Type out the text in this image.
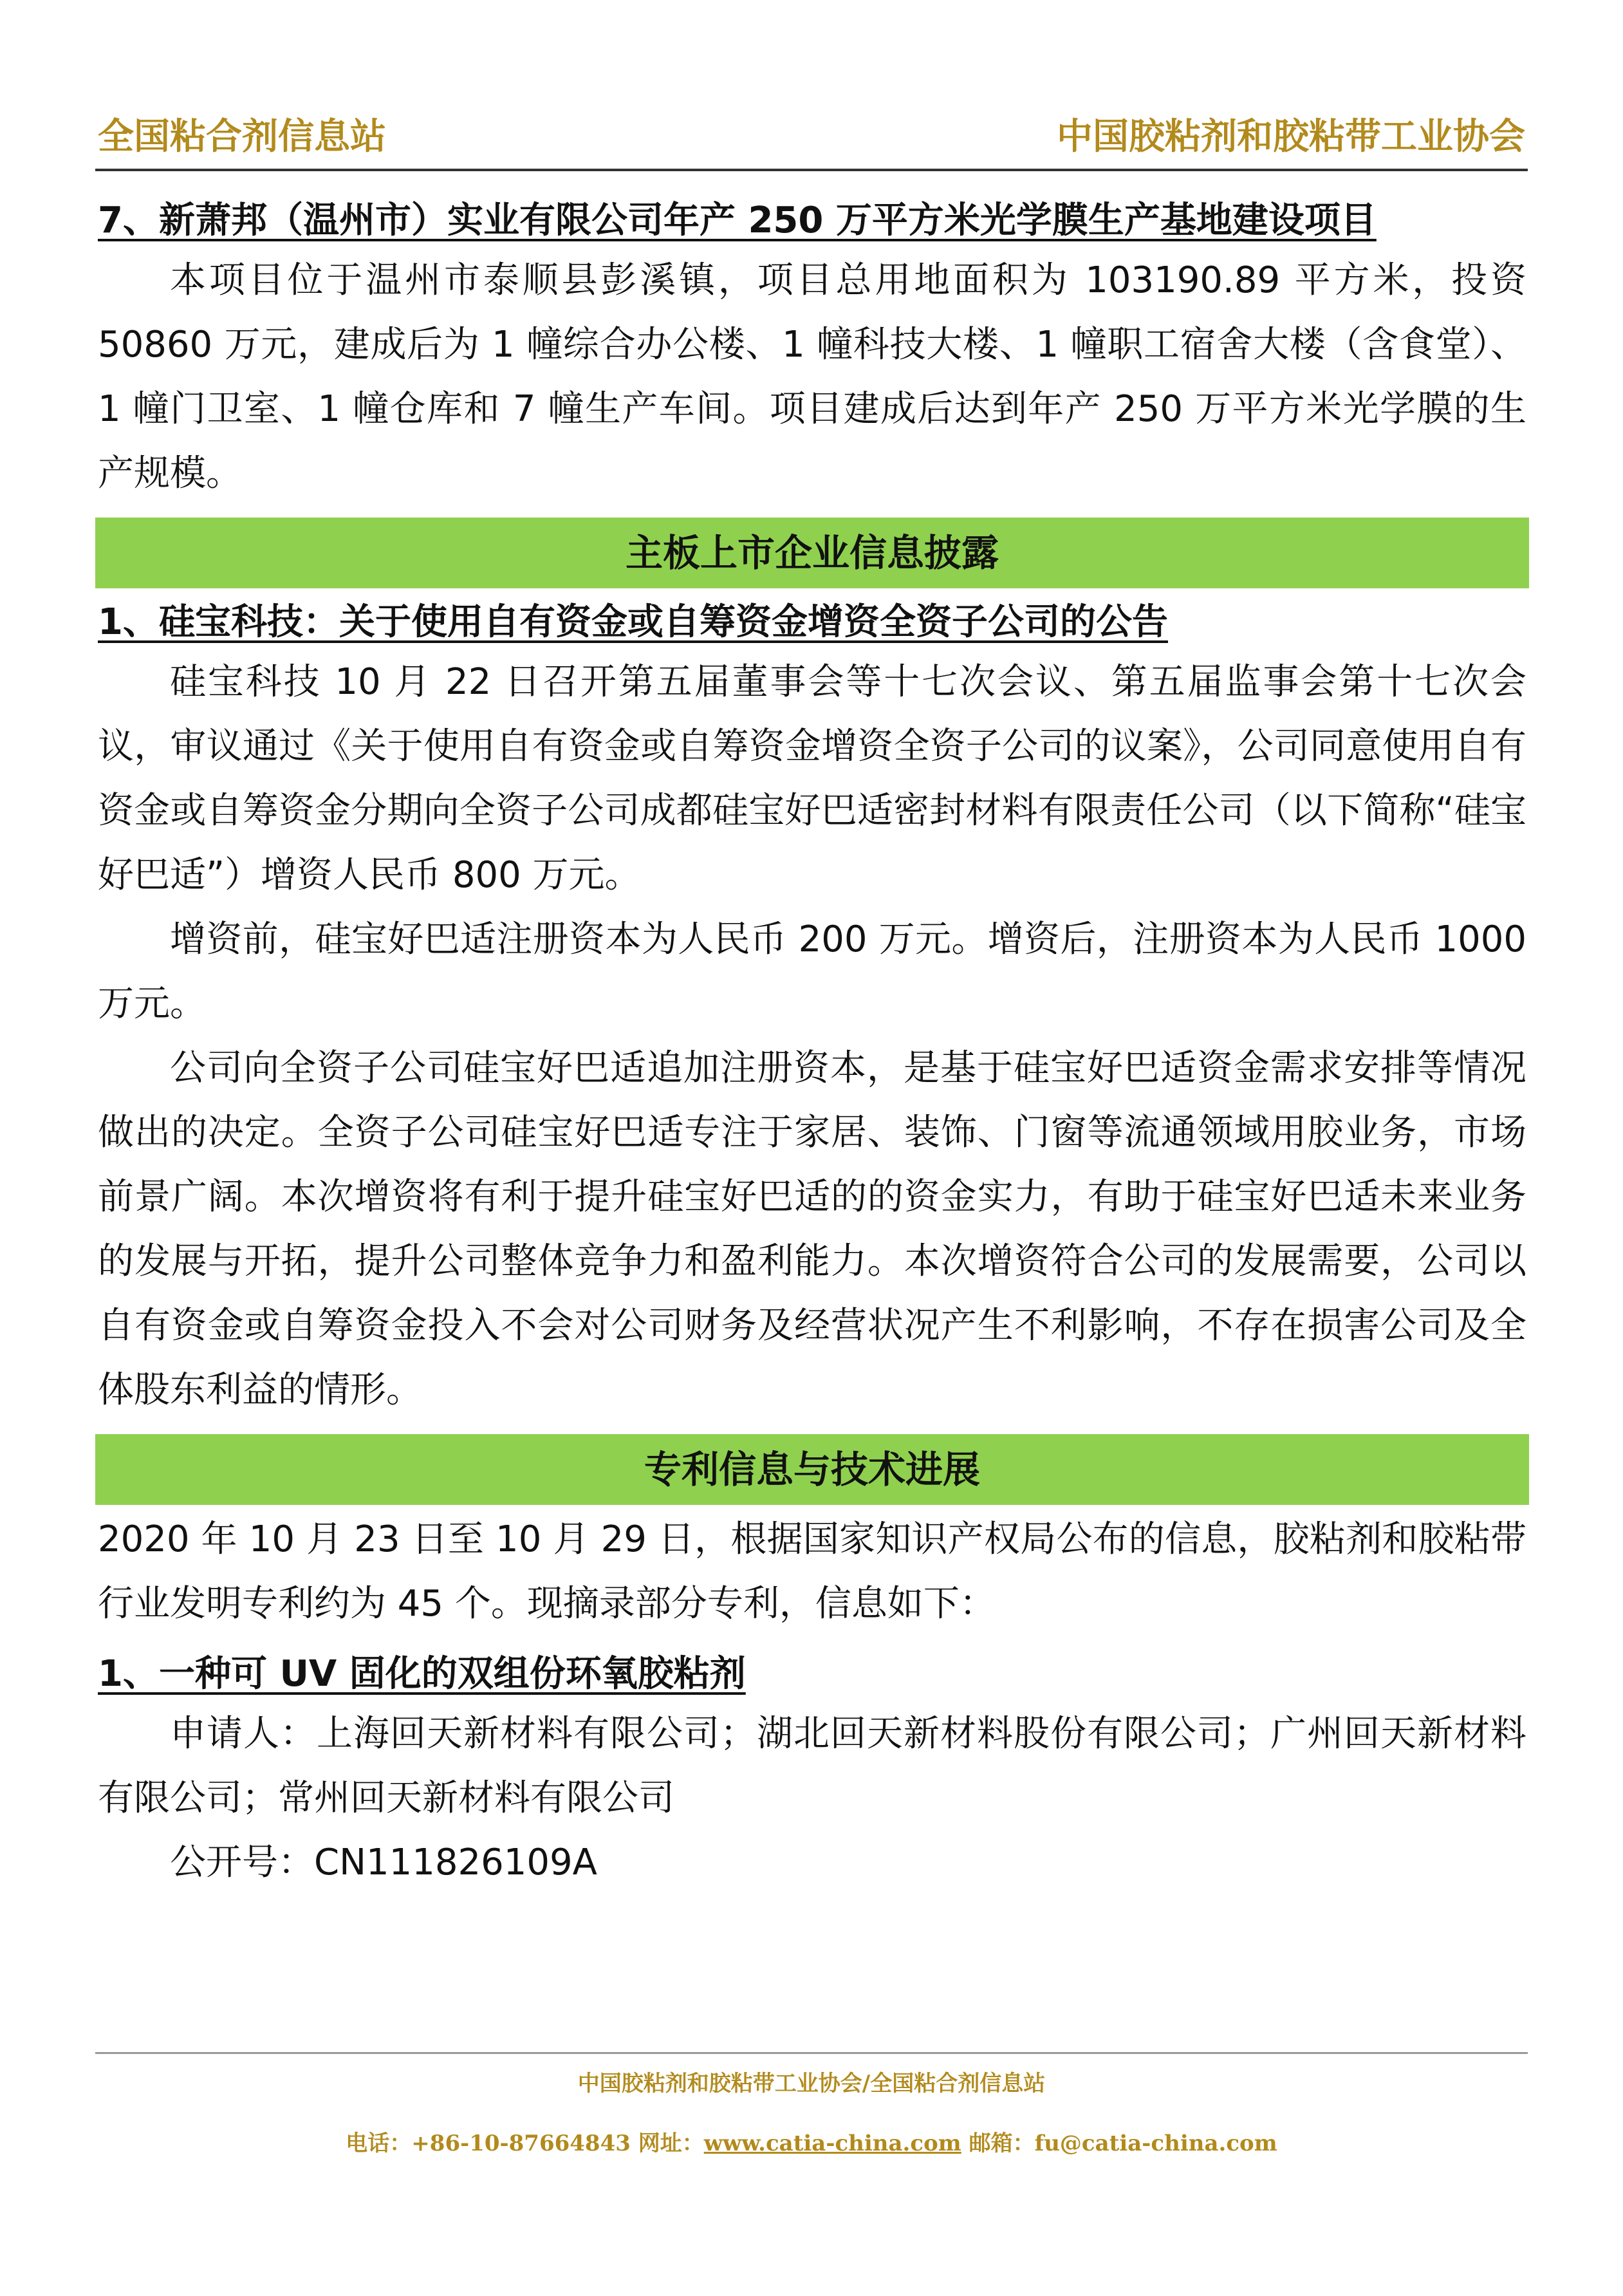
全国粘合剂信息站	中国胶粘剂和胶粘带工业协会

7、新萧邦（温州市）实业有限公司年产 250 万平方米光学膜生产基地建设项目

本项目位于温州市泰顺县彭溪镇，项目总用地面积为 103190.89 平方米，投资 50860 万元，建成后为 1 幢综合办公楼、1 幢科技大楼、1 幢职工宿舍大楼（含食堂）、1 幢门卫室、1 幢仓库和 7 幢生产车间。项目建成后达到年产 250 万平方米光学膜的生产规模。

主板上市企业信息披露

1、硅宝科技：关于使用自有资金或自筹资金增资全资子公司的公告

硅宝科技 10 月 22 日召开第五届董事会等十七次会议、第五届监事会第十七次会议，审议通过《关于使用自有资金或自筹资金增资全资子公司的议案》，公司同意使用自有资金或自筹资金分期向全资子公司成都硅宝好巴适密封材料有限责任公司（以下简称“硅宝好巴适”）增资人民币 800 万元。

增资前，硅宝好巴适注册资本为人民币 200 万元。增资后，注册资本为人民币 1000 万元。

公司向全资子公司硅宝好巴适追加注册资本，是基于硅宝好巴适资金需求安排等情况做出的决定。全资子公司硅宝好巴适专注于家居、装饰、门窗等流通领域用胶业务，市场前景广阔。本次增资将有利于提升硅宝好巴适的的资金实力，有助于硅宝好巴适未来业务的发展与开拓，提升公司整体竞争力和盈利能力。本次增资符合公司的发展需要，公司以自有资金或自筹资金投入不会对公司财务及经营状况产生不利影响，不存在损害公司及全体股东利益的情形。

专利信息与技术进展

2020 年 10 月 23 日至 10 月 29 日，根据国家知识产权局公布的信息，胶粘剂和胶粘带行业发明专利约为 45 个。现摘录部分专利，信息如下：

1、一种可 UV 固化的双组份环氧胶粘剂

申请人：上海回天新材料有限公司；湖北回天新材料股份有限公司；广州回天新材料有限公司；常州回天新材料有限公司

公开号：CN111826109A

中国胶粘剂和胶粘带工业协会/全国粘合剂信息站
电话：+86-10-87664843 网址：www.catia-china.com 邮箱：fu@catia-china.com
